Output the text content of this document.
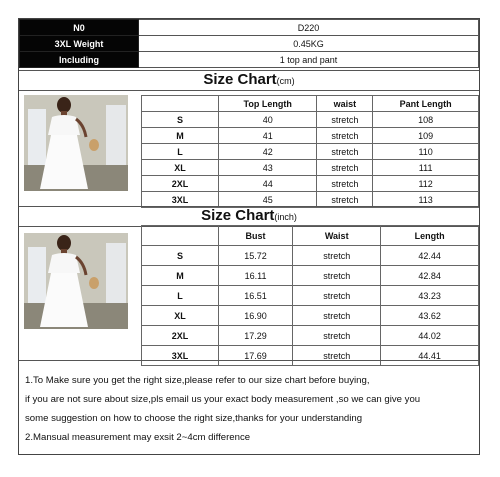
N0	D220
3XL Weight	0.45KG
Including	1 top and pant
Size Chart(cm)
	Top Length	waist	Pant Length
S	40	stretch	108
M	41	stretch	109
L	42	stretch	110
XL	43	stretch	111
2XL	44	stretch	112
3XL	45	stretch	113
Size Chart(inch)
	Bust	Waist	Length
S	15.72	stretch	42.44
M	16.11	stretch	42.84
L	16.51	stretch	43.23
XL	16.90	stretch	43.62
2XL	17.29	stretch	44.02
3XL	17.69	stretch	44.41

1.To Make sure you get the right size,please refer to our size chart before buying,

if you are not sure about size,pls email us your exact body measurement ,so we can give you

some suggestion on how to choose the right size,thanks for your understanding

2.Mansual measurement may exsit 2~4cm difference
